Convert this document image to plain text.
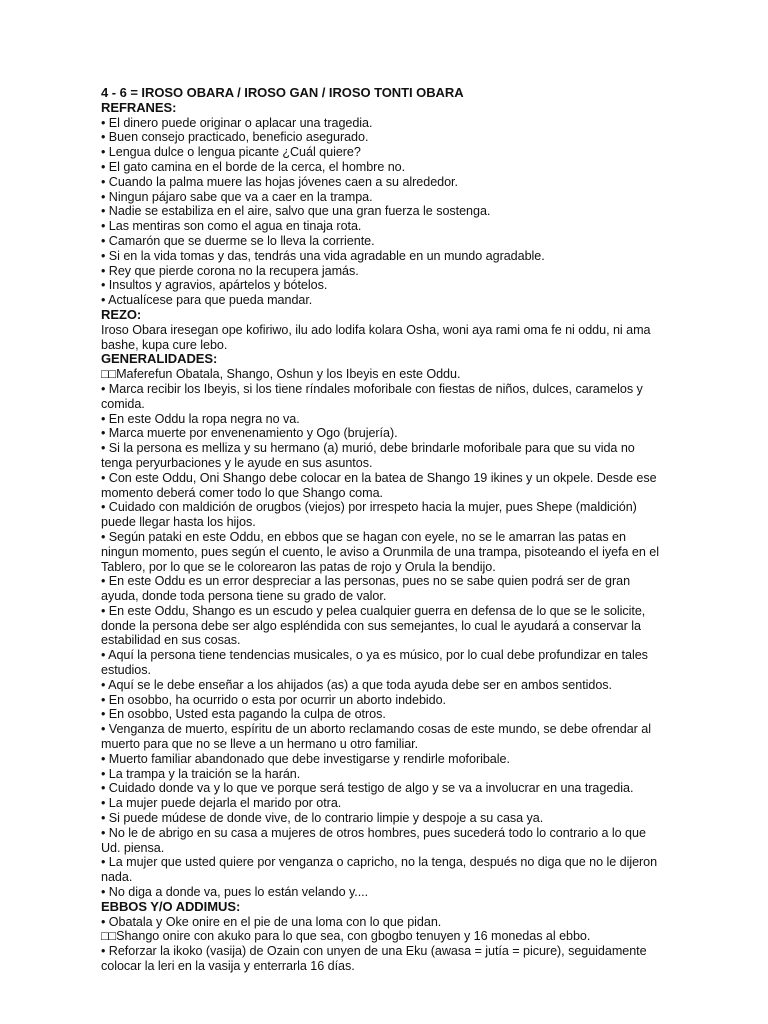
4 - 6 = IROSO OBARA / IROSO GAN / IROSO TONTI OBARA
REFRANES:
• El dinero puede originar o aplacar una tragedia.
• Buen consejo practicado, beneficio asegurado.
• Lengua dulce o lengua picante ¿Cuál quiere?
• El gato camina en el borde de la cerca, el hombre no.
• Cuando la palma muere las hojas jóvenes caen a su alrededor.
• Ningun pájaro sabe que va a caer en la trampa.
• Nadie se estabiliza en el aire, salvo que una gran fuerza le sostenga.
• Las mentiras son como el agua en tinaja rota.
• Camarón que se duerme se lo lleva la corriente.
• Si en la vida tomas y das, tendrás una vida agradable en un mundo agradable.
• Rey que pierde corona no la recupera jamás.
• Insultos y agravios, apártelos y bótelos.
• Actualícese para que pueda mandar.
REZO:
Iroso Obara iresegan ope kofiriwo, ilu ado lodifa kolara Osha, woni aya rami oma fe ni oddu, ni ama
bashe, kupa cure lebo.
GENERALIDADES:
□□Maferefun Obatala, Shango, Oshun y los Ibeyis en este Oddu.
• Marca recibir los Ibeyis, si los tiene ríndales moforibale con fiestas de niños, dulces, caramelos y
comida.
• En este Oddu la ropa negra no va.
• Marca muerte por envenenamiento y Ogo (brujería).
• Si la persona es melliza y su hermano (a) murió, debe brindarle moforibale para que su vida no
tenga peryurbaciones y le ayude en sus asuntos.
• Con este Oddu, Oni Shango debe colocar en la batea de Shango 19 ikines y un okpele. Desde ese
momento deberá comer todo lo que Shango coma.
• Cuidado con maldición de orugbos (viejos) por irrespeto hacia la mujer, pues Shepe (maldición)
puede llegar hasta los hijos.
• Según pataki en este Oddu, en ebbos que se hagan con eyele, no se le amarran las patas en
ningun momento, pues según el cuento, le aviso a Orunmila de una trampa, pisoteando el iyefa en el
Tablero, por lo que se le colorearon las patas de rojo y Orula la bendijo.
• En este Oddu es un error despreciar a las personas, pues no se sabe quien podrá ser de gran
ayuda, donde toda persona tiene su grado de valor.
• En este Oddu, Shango es un escudo y pelea cualquier guerra en defensa de lo que se le solicite,
donde la persona debe ser algo espléndida con sus semejantes, lo cual le ayudará a conservar la
estabilidad en sus cosas.
• Aquí la persona tiene tendencias musicales, o ya es músico, por lo cual debe profundizar en tales
estudios.
• Aquí se le debe enseñar a los ahijados (as) a que toda ayuda debe ser en ambos sentidos.
• En osobbo, ha ocurrido o esta por ocurrir un aborto indebido.
• En osobbo, Usted esta pagando la culpa de otros.
• Venganza de muerto, espíritu de un aborto reclamando cosas de este mundo, se debe ofrendar al
muerto para que no se lleve a un hermano u otro familiar.
• Muerto familiar abandonado que debe investigarse y rendirle moforibale.
• La trampa y la traición se la harán.
• Cuidado donde va y lo que ve porque será testigo de algo y se va a involucrar en una tragedia.
• La mujer puede dejarla el marido por otra.
• Si puede múdese de donde vive, de lo contrario limpie y despoje a su casa ya.
• No le de abrigo en su casa a mujeres de otros hombres, pues sucederá todo lo contrario a lo que
Ud. piensa.
• La mujer que usted quiere por venganza o capricho, no la tenga, después no diga que no le dijeron
nada.
• No diga a donde va, pues lo están velando y....
EBBOS Y/O ADDIMUS:
• Obatala y Oke onire en el pie de una loma con lo que pidan.
□□Shango onire con akuko para lo que sea, con gbogbo tenuyen y 16 monedas al ebbo.
• Reforzar la ikoko (vasija) de Ozain con unyen de una Eku (awasa = jutía = picure), seguidamente
colocar la leri en la vasija y enterrarla 16 días.
